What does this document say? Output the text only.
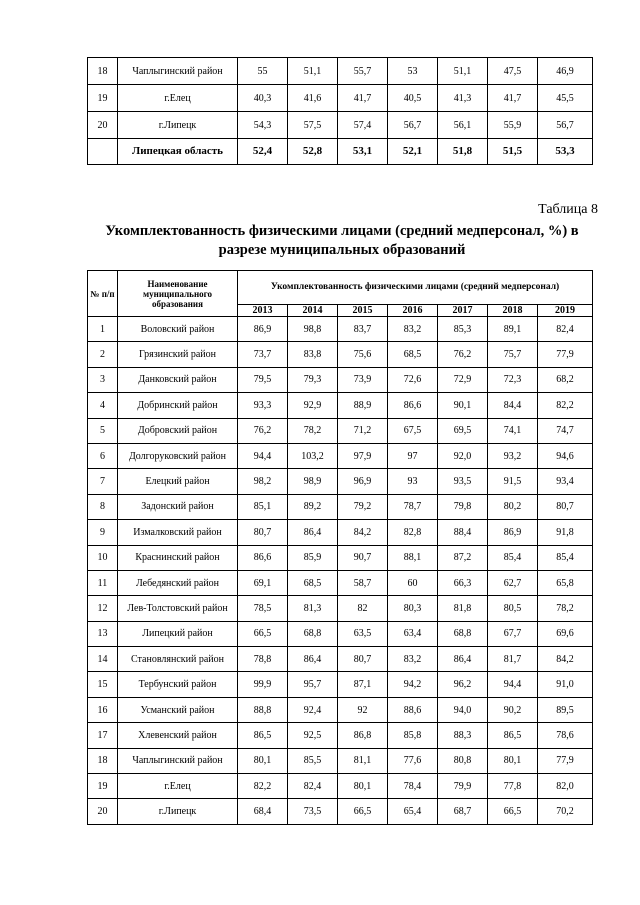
18	Чаплыгинский район	55	51,1	55,7	53	51,1	47,5	46,9
19	г.Елец	40,3	41,6	41,7	40,5	41,3	41,7	45,5
20	г.Липецк	54,3	57,5	57,4	56,7	56,1	55,9	56,7
	Липецкая область	52,4	52,8	53,1	52,1	51,8	51,5	53,3
Таблица 8
Укомплектованность физическими лицами (средний медперсонал, %) в разрезе муниципальных образований
№ п/п	Наименование муниципального образования	Укомплектованность физическими лицами (средний медперсонал)						
		2013	2014	2015	2016	2017	2018	2019
1	Воловский район	86,9	98,8	83,7	83,2	85,3	89,1	82,4
2	Грязинский район	73,7	83,8	75,6	68,5	76,2	75,7	77,9
3	Данковский район	79,5	79,3	73,9	72,6	72,9	72,3	68,2
4	Добринский район	93,3	92,9	88,9	86,6	90,1	84,4	82,2
5	Добровский район	76,2	78,2	71,2	67,5	69,5	74,1	74,7
6	Долгоруковский район	94,4	103,2	97,9	97	92,0	93,2	94,6
7	Елецкий район	98,2	98,9	96,9	93	93,5	91,5	93,4
8	Задонский район	85,1	89,2	79,2	78,7	79,8	80,2	80,7
9	Измалковский район	80,7	86,4	84,2	82,8	88,4	86,9	91,8
10	Краснинский район	86,6	85,9	90,7	88,1	87,2	85,4	85,4
11	Лебедянский район	69,1	68,5	58,7	60	66,3	62,7	65,8
12	Лев-Толстовский район	78,5	81,3	82	80,3	81,8	80,5	78,2
13	Липецкий район	66,5	68,8	63,5	63,4	68,8	67,7	69,6
14	Становлянский район	78,8	86,4	80,7	83,2	86,4	81,7	84,2
15	Тербунский район	99,9	95,7	87,1	94,2	96,2	94,4	91,0
16	Усманский район	88,8	92,4	92	88,6	94,0	90,2	89,5
17	Хлевенский район	86,5	92,5	86,8	85,8	88,3	86,5	78,6
18	Чаплыгинский район	80,1	85,5	81,1	77,6	80,8	80,1	77,9
19	г.Елец	82,2	82,4	80,1	78,4	79,9	77,8	82,0
20	г.Липецк	68,4	73,5	66,5	65,4	68,7	66,5	70,2
